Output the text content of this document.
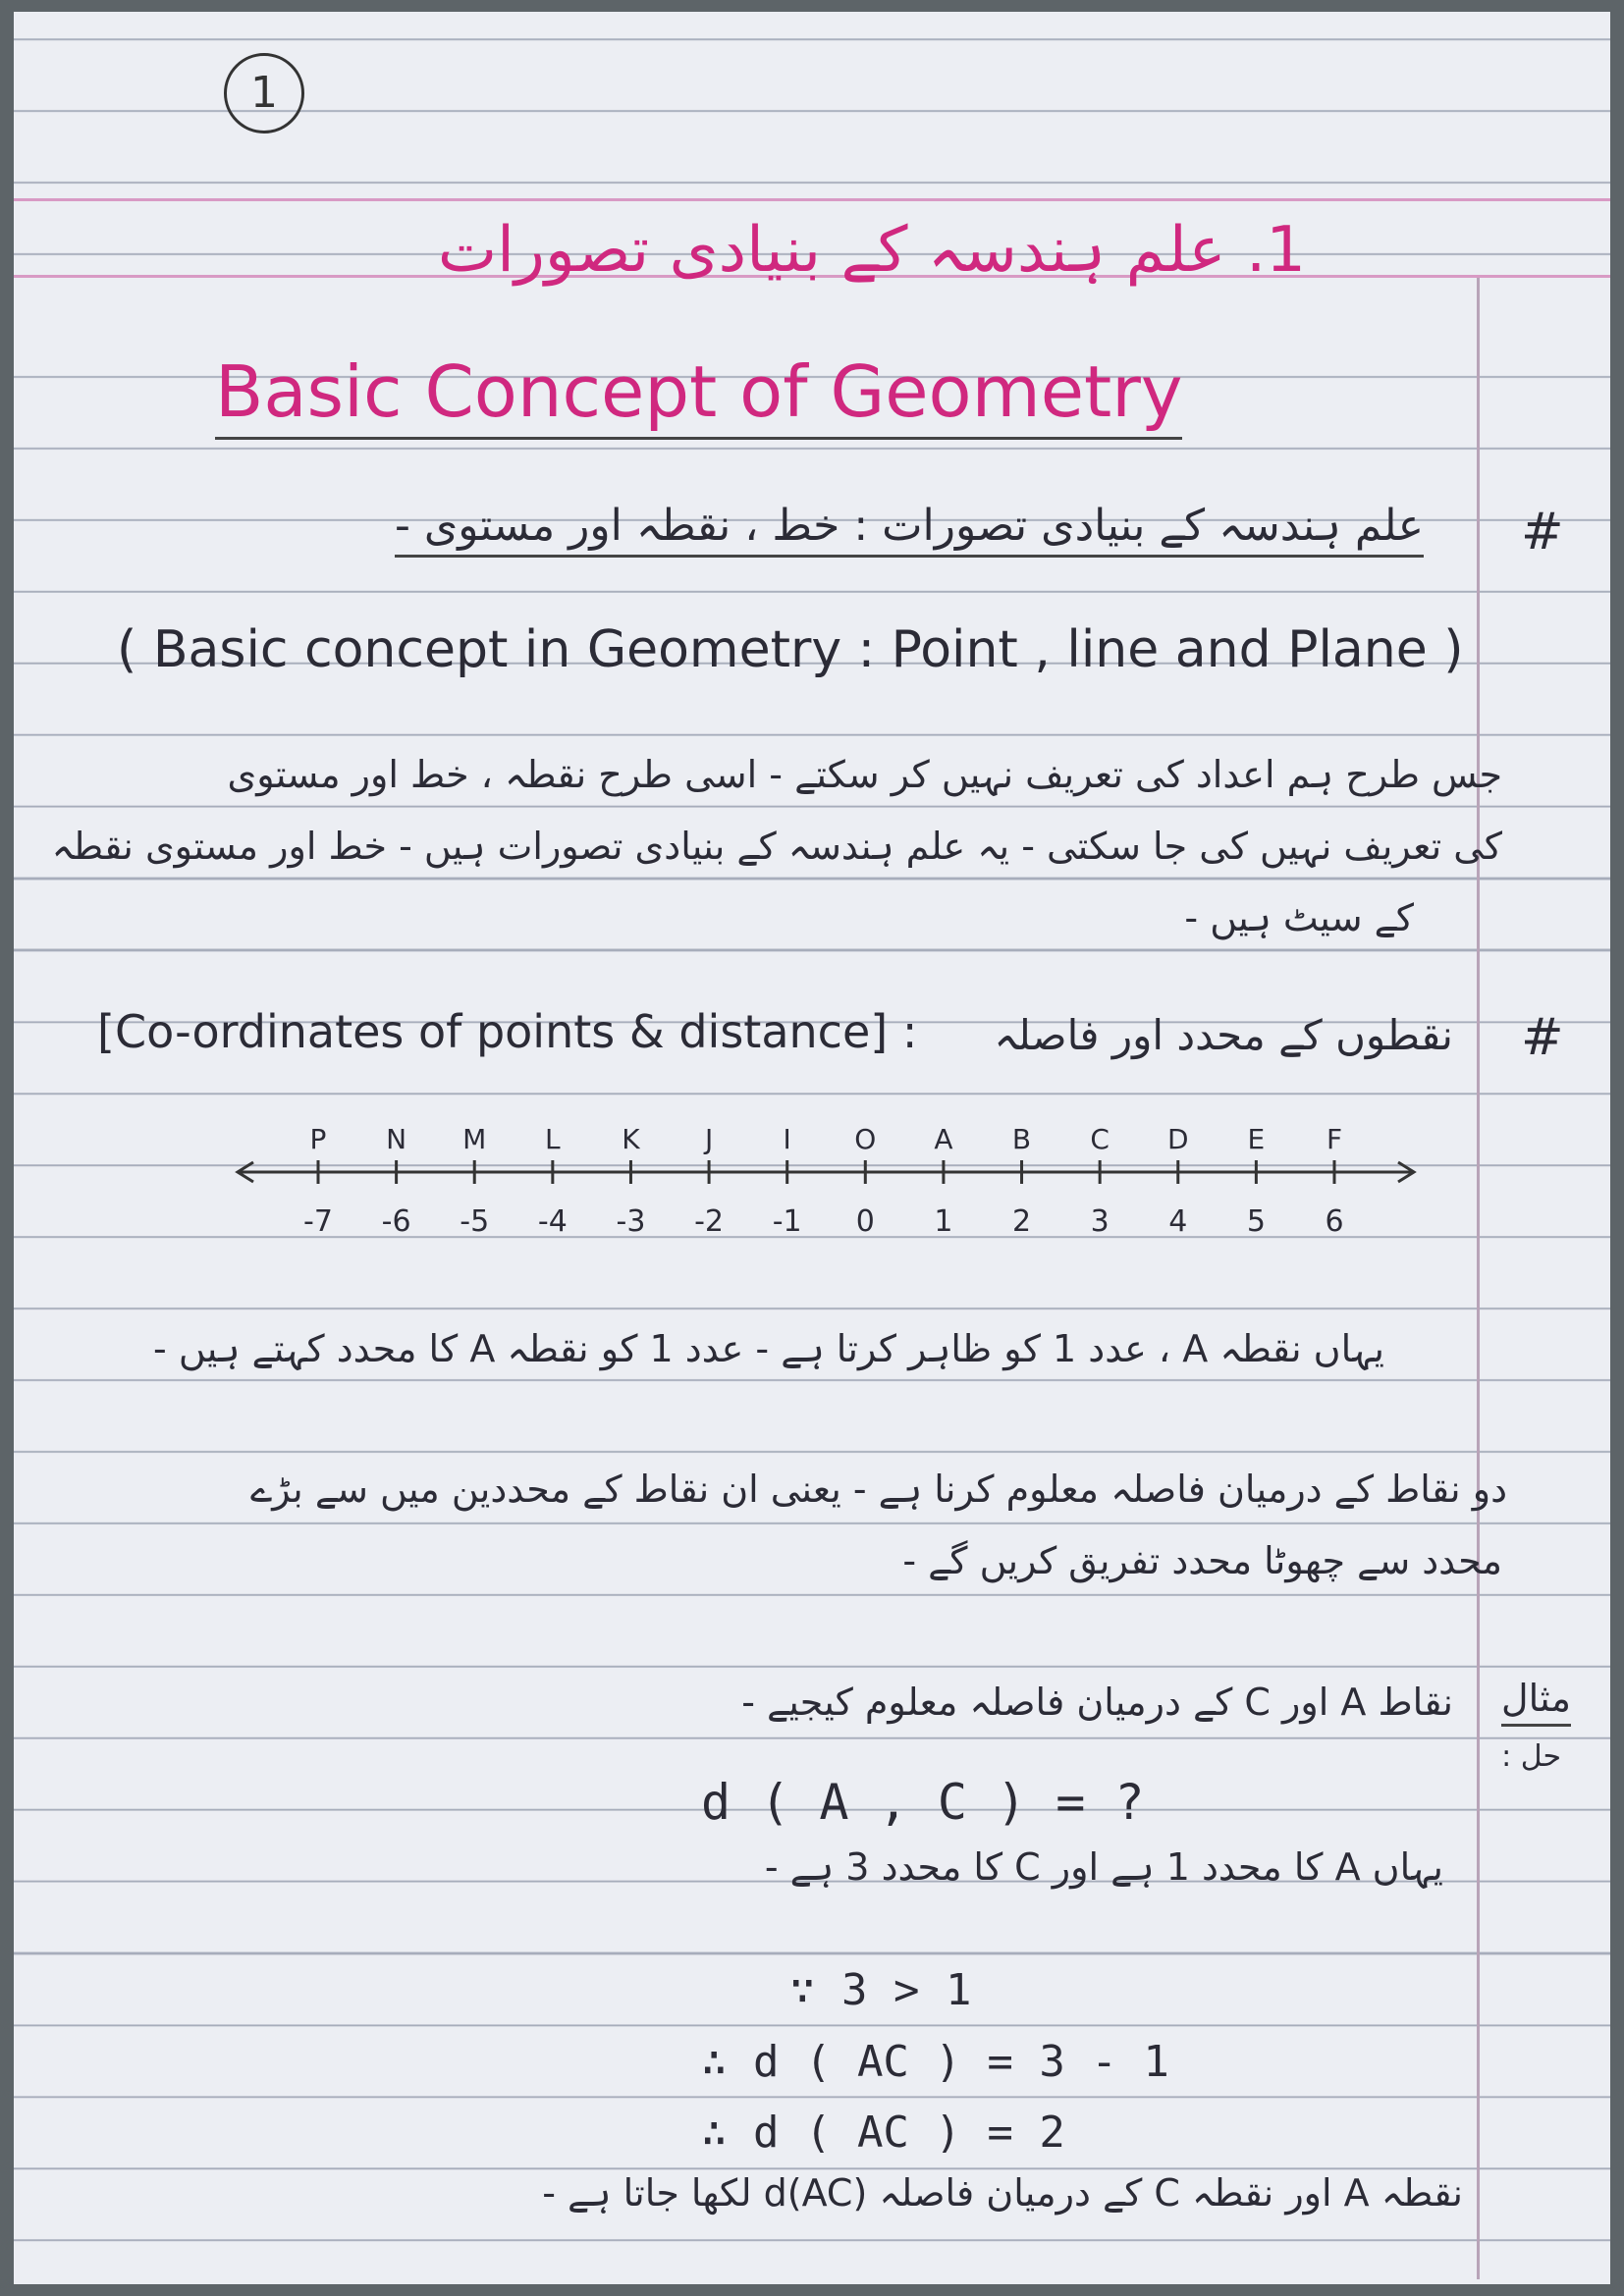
1
1. علم ہندسہ کے بنیادی تصورات
Basic Concept of Geometry
#
علم ہندسہ کے بنیادی تصورات : خط ، نقطہ اور مستوی -
( Basic concept in Geometry : Point , line and Plane )
جس طرح ہم اعداد کی تعریف نہیں کر سکتے - اسی طرح نقطہ ، خط اور مستوی
کی تعریف نہیں کی جا سکتی - یہ علم ہندسہ کے بنیادی تصورات ہیں - خط اور مستوی نقطہ
کے سیٹ ہیں -
#
[Co-ordinates of points & distance] : نقطوں کے محدد اور فاصلہ
P
-7
N
-6
M
-5
L
-4
K
-3
J
-2
I
-1
O
0
A
1
B
2
C
3
D
4
E
5
F
6
یہاں نقطہ A ، عدد 1 کو ظاہر کرتا ہے - عدد 1 کو نقطہ A کا محدد کہتے ہیں -
دو نقاط کے درمیان فاصلہ معلوم کرنا ہے - یعنی ان نقاط کے محددین میں سے بڑے
محدد سے چھوٹا محدد تفریق کریں گے -
مثال
حل :
نقاط A اور C کے درمیان فاصلہ معلوم کیجیے -
d ( A , C ) = ?
یہاں A کا محدد 1 ہے اور C کا محدد 3 ہے -
∵ 3 > 1
∴ d ( AC ) = 3 - 1
∴ d ( AC ) = 2
نقطہ A اور نقطہ C کے درمیان فاصلہ d(AC) لکھا جاتا ہے -
